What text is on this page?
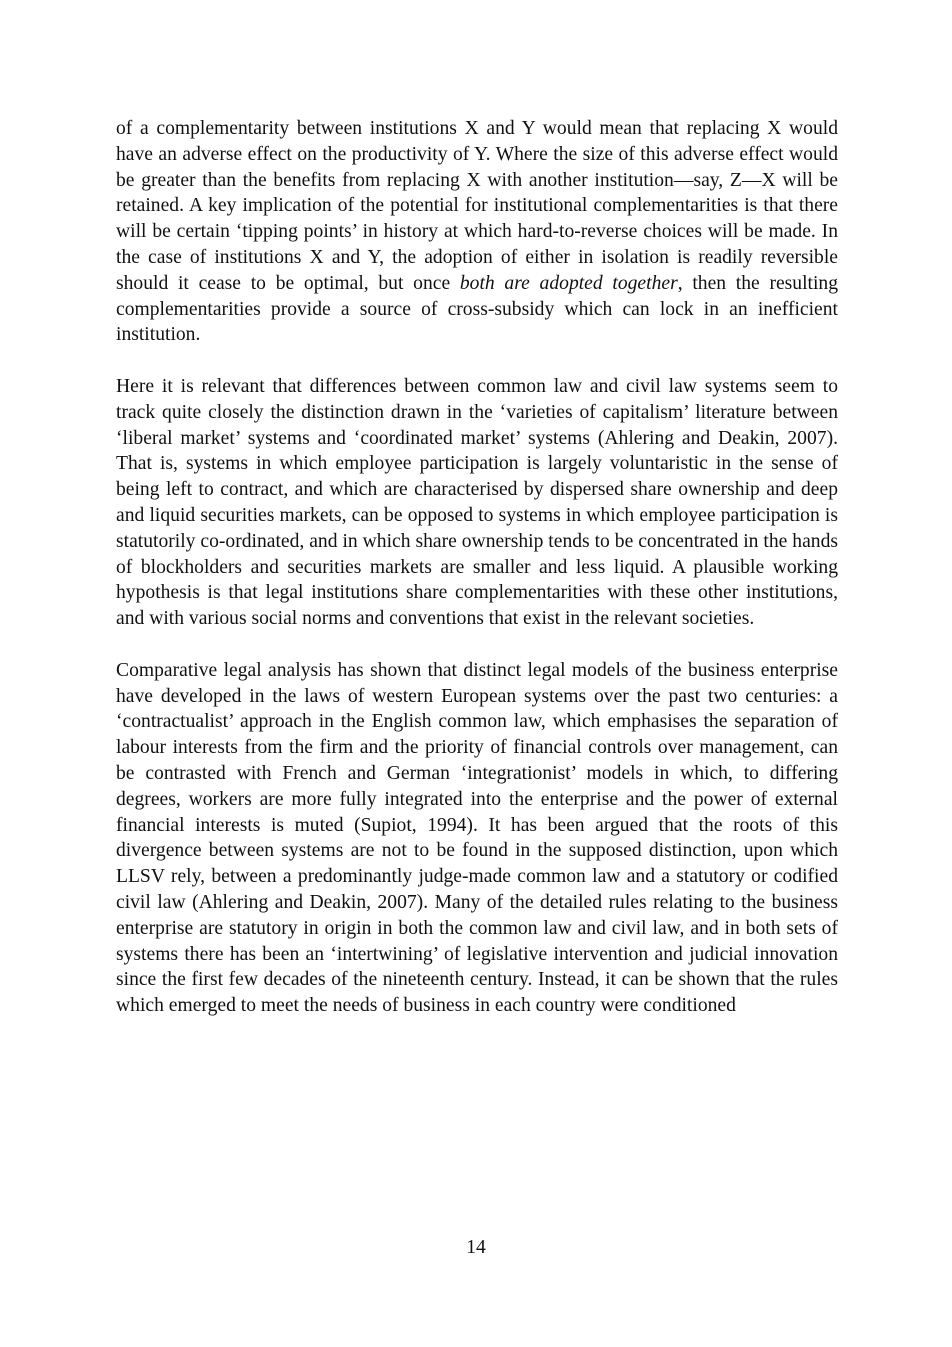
of a complementarity between institutions X and Y would mean that replacing X would have an adverse effect on the productivity of Y. Where the size of this adverse effect would be greater than the benefits from replacing X with another institution—say, Z—X will be retained. A key implication of the potential for institutional complementarities is that there will be certain ‘tipping points’ in history at which hard-to-reverse choices will be made. In the case of institutions X and Y, the adoption of either in isolation is readily reversible should it cease to be optimal, but once both are adopted together, then the resulting complementarities provide a source of cross-subsidy which can lock in an inefficient institution.

Here it is relevant that differences between common law and civil law systems seem to track quite closely the distinction drawn in the ‘varieties of capitalism’ literature between ‘liberal market’ systems and ‘coordinated market’ systems (Ahlering and Deakin, 2007). That is, systems in which employee participation is largely voluntaristic in the sense of being left to contract, and which are characterised by dispersed share ownership and deep and liquid securities markets, can be opposed to systems in which employee participation is statutorily co-ordinated, and in which share ownership tends to be concentrated in the hands of blockholders and securities markets are smaller and less liquid. A plausible working hypothesis is that legal institutions share complementarities with these other institutions, and with various social norms and conventions that exist in the relevant societies.

Comparative legal analysis has shown that distinct legal models of the business enterprise have developed in the laws of western European systems over the past two centuries: a ‘contractualist’ approach in the English common law, which emphasises the separation of labour interests from the firm and the priority of financial controls over management, can be contrasted with French and German ‘integrationist’ models in which, to differing degrees, workers are more fully integrated into the enterprise and the power of external financial interests is muted (Supiot, 1994). It has been argued that the roots of this divergence between systems are not to be found in the supposed distinction, upon which LLSV rely, between a predominantly judge-made common law and a statutory or codified civil law (Ahlering and Deakin, 2007). Many of the detailed rules relating to the business enterprise are statutory in origin in both the common law and civil law, and in both sets of systems there has been an ‘intertwining’ of legislative intervention and judicial innovation since the first few decades of the nineteenth century. Instead, it can be shown that the rules which emerged to meet the needs of business in each country were conditioned

14
